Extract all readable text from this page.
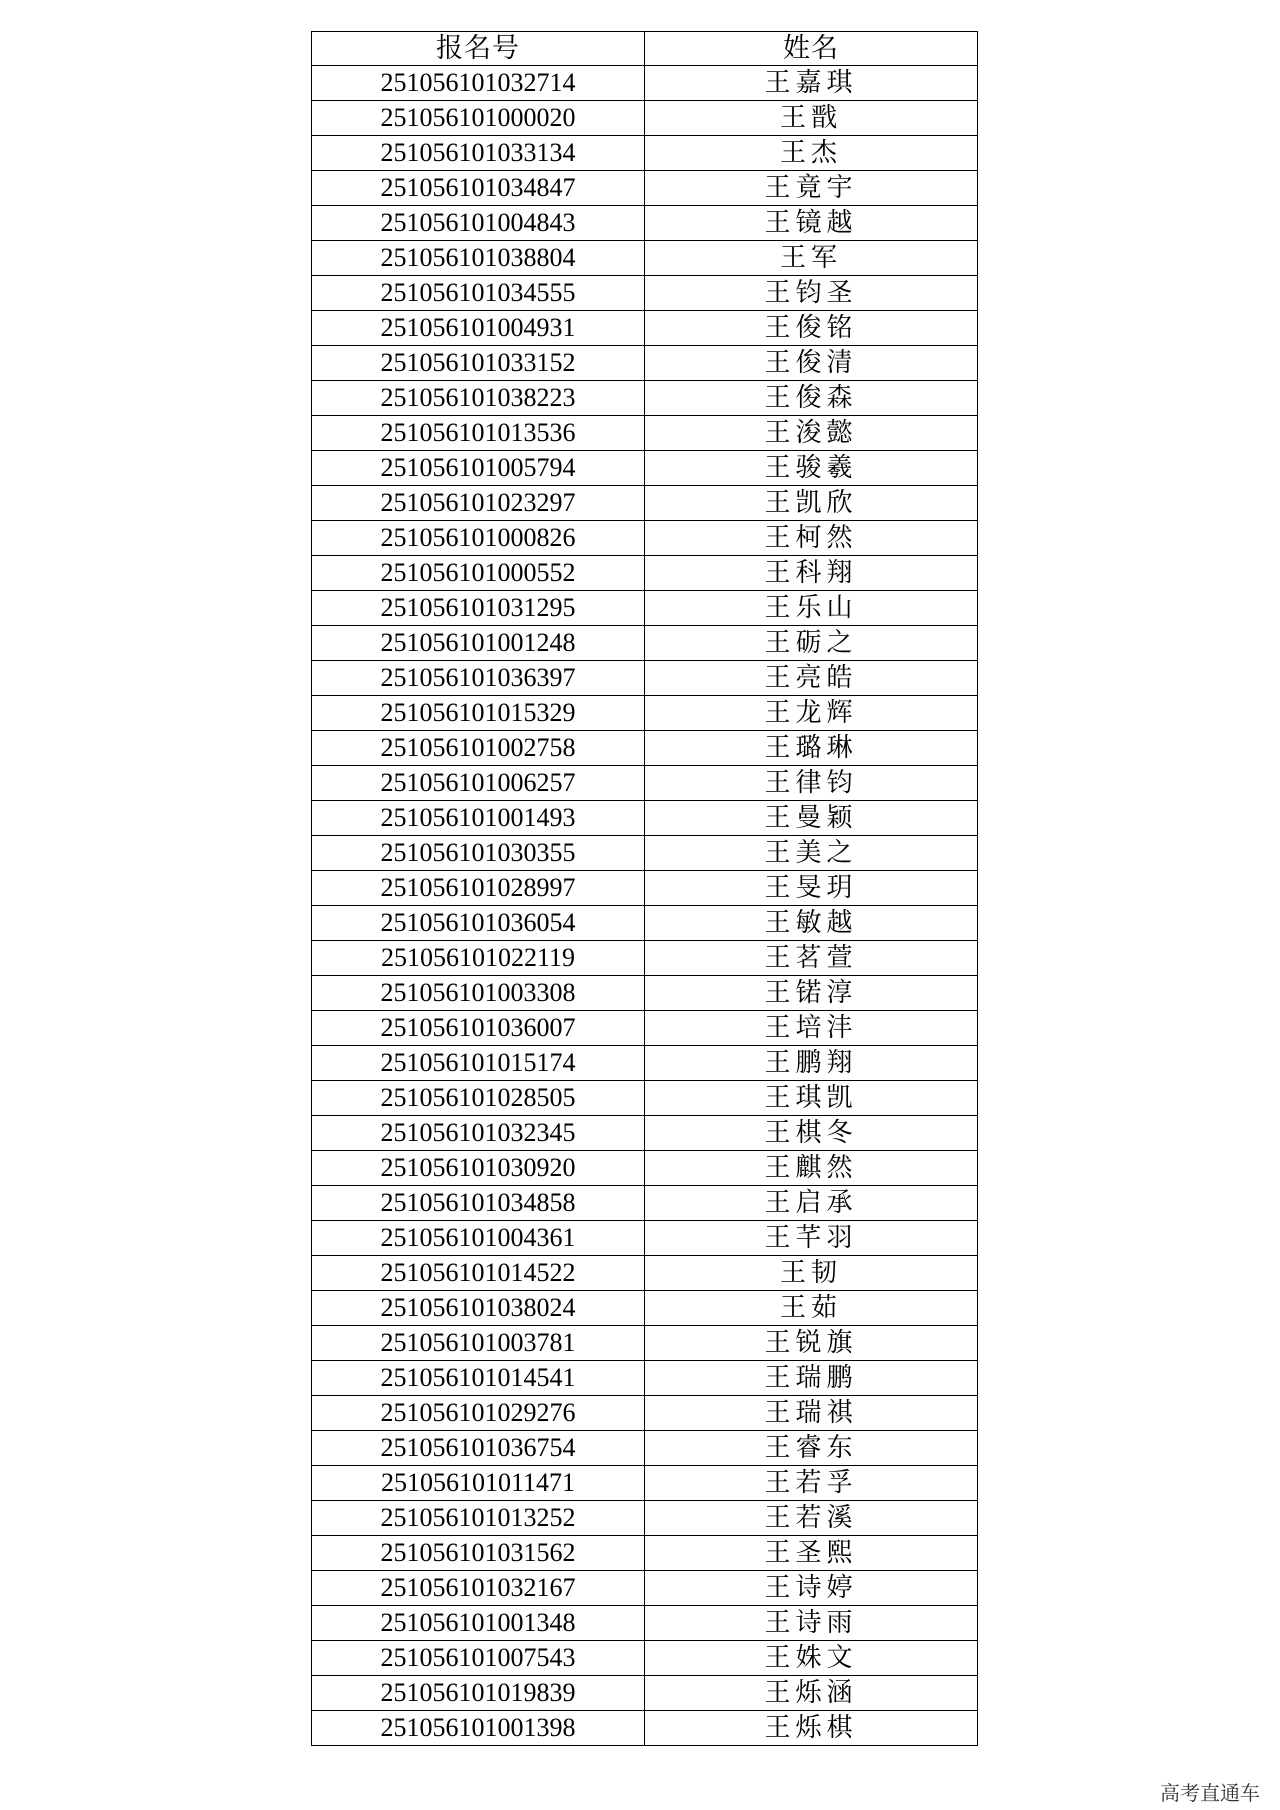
报名号	姓名
251056101032714	王嘉琪
251056101000020	王戬
251056101033134	王杰
251056101034847	王竟宇
251056101004843	王镜越
251056101038804	王军
251056101034555	王钧圣
251056101004931	王俊铭
251056101033152	王俊清
251056101038223	王俊森
251056101013536	王浚懿
251056101005794	王骏羲
251056101023297	王凯欣
251056101000826	王柯然
251056101000552	王科翔
251056101031295	王乐山
251056101001248	王砺之
251056101036397	王亮皓
251056101015329	王龙辉
251056101002758	王璐琳
251056101006257	王律钧
251056101001493	王曼颖
251056101030355	王美之
251056101028997	王旻玥
251056101036054	王敏越
251056101022119	王茗萱
251056101003308	王锘淳
251056101036007	王培沣
251056101015174	王鹏翔
251056101028505	王琪凯
251056101032345	王棋冬
251056101030920	王麒然
251056101034858	王启承
251056101004361	王芊羽
251056101014522	王韧
251056101038024	王茹
251056101003781	王锐旗
251056101014541	王瑞鹏
251056101029276	王瑞祺
251056101036754	王睿东
251056101011471	王若孚
251056101013252	王若溪
251056101031562	王圣熙
251056101032167	王诗婷
251056101001348	王诗雨
251056101007543	王姝文
251056101019839	王烁涵
251056101001398	王烁棋
高考直通车
